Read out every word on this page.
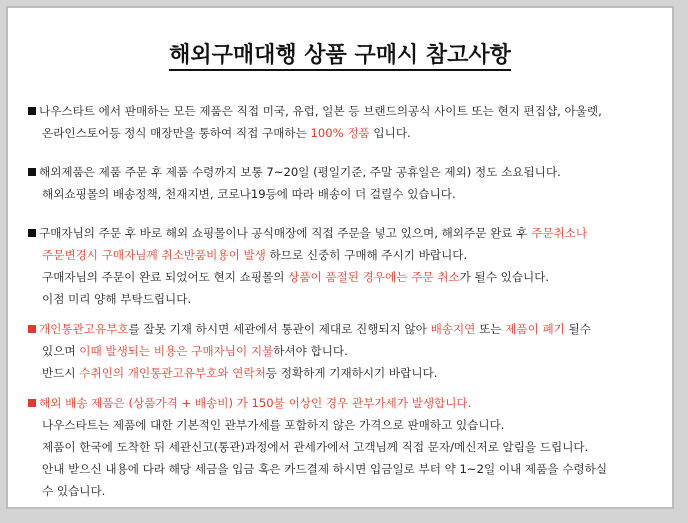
해외구매대행 상품 구매시 참고사항
나우스타트 에서 판매하는 모든 제품은 직접 미국, 유럽, 일본 등 브랜드의공식 사이트 또는 현지 편집샵, 아울렛,
온라인스토어등 정식 매장만을 통하여 직접 구매하는 100% 정품 입니다.
해외제품은 제품 주문 후 제품 수령까지 보통 7~20일 (평일기준, 주말 공휴일은 제외) 정도 소요됩니다.
해외쇼핑몰의 배송정책, 천재지변, 코로나19등에 따라 배송이 더 걸릴수 있습니다.
구매자님의 주문 후 바로 해외 쇼핑몰이나 공식매장에 직접 주문을 넣고 있으며, 해외주문 완료 후 주문취소나
주문변경시 구매자님께 취소반품비용이 발생 하므로 신중히 구매해 주시기 바랍니다.
구매자님의 주문이 완료 되었어도 현지 쇼핑몰의 상품이 품절된 경우에는 주문 취소가 될수 있습니다.
이점 미리 양해 부탁드립니다.
개인통관고유부호를 잘못 기재 하시면 세관에서 통관이 제대로 진행되지 않아 배송지연 또는 제품이 폐기 될수
있으며 이때 발생되는 비용은 구매자님이 지불하셔야 합니다.
반드시 수취인의 개인통관고유부호와 연락처등 정확하게 기재하시기 바랍니다.
해외 배송 제품은 (상품가격 + 배송비) 가 150불 이상인 경우 관부가세가 발생합니다.
나우스타트는 제품에 대한 기본적인 관부가세를 포함하지 않은 가격으로 판매하고 있습니다.
제품이 한국에 도착한 뒤 세관신고(통관)과정에서 관세가에서 고객님께 직접 문자/메신저로 알림을 드립니다.
안내 받으신 내용에 다라 해당 세금을 입금 혹은 카드결제 하시면 입금일로 부터 약 1~2일 이내 제품을 수령하실
수 있습니다.
